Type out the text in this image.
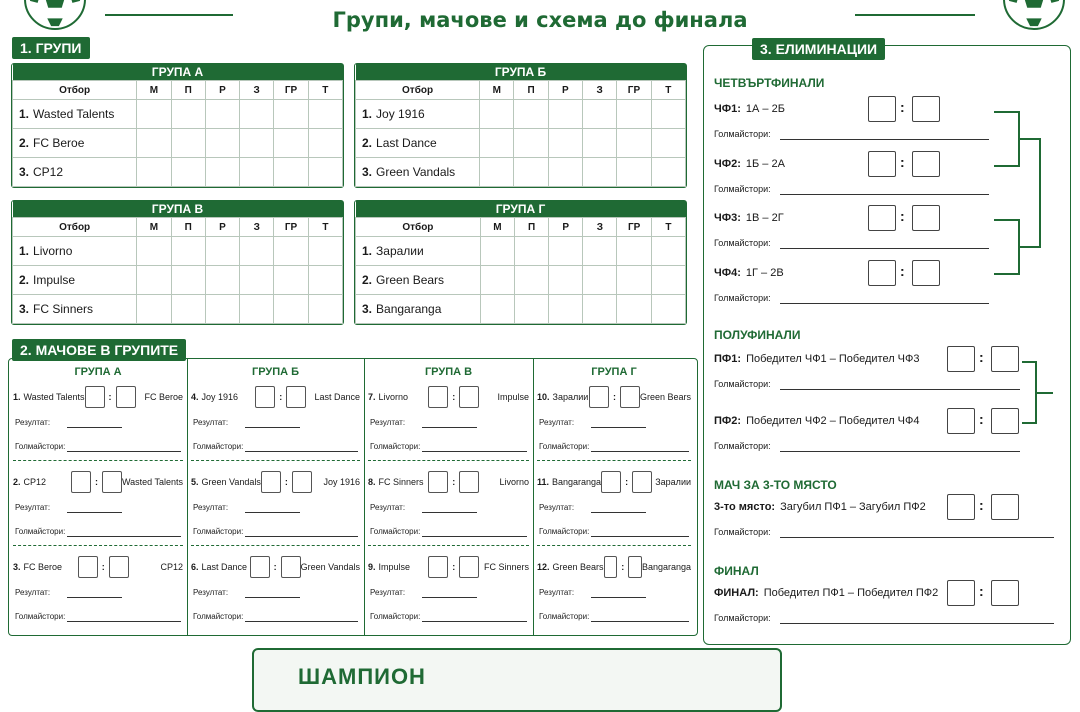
Групи, мачове и схема до финала
1. ГРУПИ
2. МАЧОВЕ В ГРУПИТЕ
3. ЕЛИМИНАЦИИ
ГРУПА А						
Отбор	М	П	Р	З	ГР	Т
1. Wasted Talents						
2. FC Beroe						
3. CP12						
ГРУПА Б						
Отбор	М	П	Р	З	ГР	Т
1. Joy 1916						
2. Last Dance						
3. Green Vandals						
ГРУПА В						
Отбор	М	П	Р	З	ГР	Т
1. Livorno						
2. Impulse						
3. FC Sinners						
ГРУПА Г						
Отбор	М	П	Р	З	ГР	Т
1. Зaралии						
2. Green Bears						
3. Bangaranga						
ГРУПА А
1. Wasted Talents	:	FC Beroe
Резултат:
Голмайстори:
2. CP12	:	Wasted Talents
Резултат:
Голмайстори:
3. FC Beroe	:	CP12
Резултат:
Голмайстори:
ГРУПА Б
4. Joy 1916	:	Last Dance
Резултат:
Голмайстори:
5. Green Vandals	:	Joy 1916
Резултат:
Голмайстори:
6. Last Dance	:	Green Vandals
Резултат:
Голмайстори:
ГРУПА В
7. Livorno	:	Impulse
Резултат:
Голмайстори:
8. FC Sinners	:	Livorno
Резултат:
Голмайстори:
9. Impulse	:	FC Sinners
Резултат:
Голмайстори:
ГРУПА Г
10. Зaралии	:	Green Bears
Резултат:
Голмайстори:
11. Bangaranga	:	Зaралии
Резултат:
Голмайстори:
12. Green Bears : Bangaranga
Резултат:
Голмайстори:
ЧЕТВЪРТФИНАЛИ
ПОЛУФИНАЛИ
МАЧ ЗА 3-ТО МЯСТО
ФИНАЛ
ЧФ1: 1А – 2Б	:
Голмайстори:
ЧФ2: 1Б – 2А	:
Голмайстори:
ЧФ3: 1В – 2Г	:
Голмайстори:
ЧФ4: 1Г – 2В	:
Голмайстори:
ПФ1: Победител ЧФ1 – Победител ЧФ3	:
Голмайстори:
ПФ2: Победител ЧФ2 – Победител ЧФ4	:
Голмайстори:
3-то място: Загубил ПФ1 – Загубил ПФ2	:
Голмайстори:
ФИНАЛ: Победител ПФ1 – Победител ПФ2	:
Голмайстори:
ШАМПИОН
